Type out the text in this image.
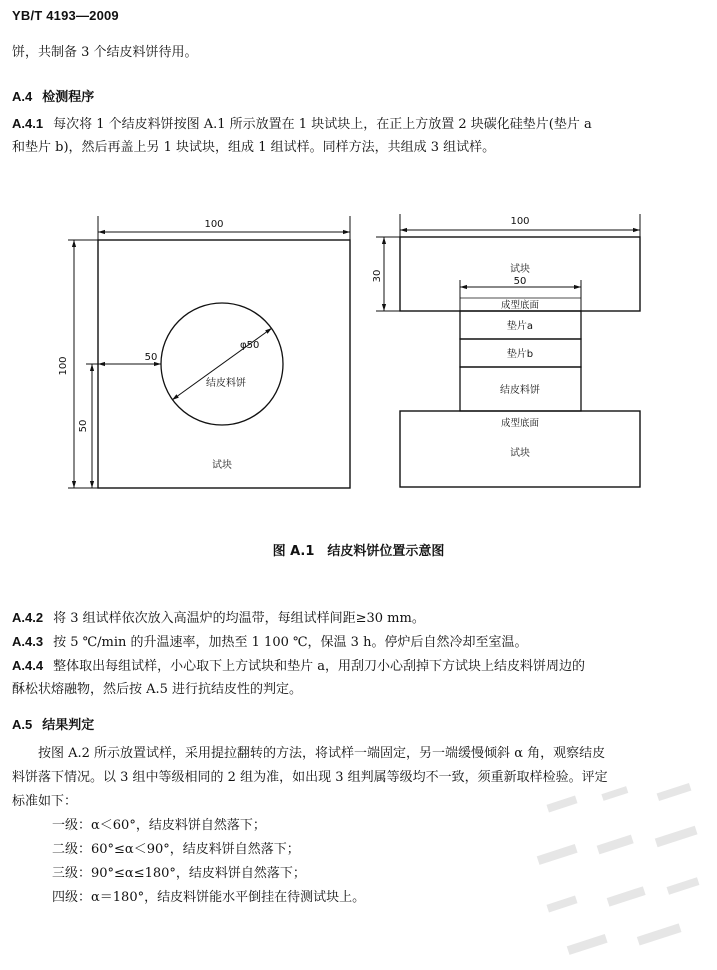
YB/T 4193—2009
饼，共制备 3 个结皮料饼待用。
A.4 检测程序
A.4.1 每次将 1 个结皮料饼按图 A.1 所示放置在 1 块试块上，在正上方放置 2 块碳化硅垫片(垫片 a
和垫片 b)，然后再盖上另 1 块试块，组成 1 组试样。同样方法，共组成 3 组试样。
100
100
50
50
φ50
结皮料饼
试块
100
30	50
试块
成型底面
垫片a
垫片b
结皮料饼
成型底面
试块
图 A.1　结皮料饼位置示意图
A.4.2 将 3 组试样依次放入高温炉的均温带，每组试样间距≥30 mm。
A.4.3 按 5 ℃/min 的升温速率，加热至 1 100 ℃，保温 3 h。停炉后自然冷却至室温。
A.4.4 整体取出每组试样，小心取下上方试块和垫片 a，用刮刀小心刮掉下方试块上结皮料饼周边的
酥松状熔融物，然后按 A.5 进行抗结皮性的判定。
A.5 结果判定
按图 A.2 所示放置试样，采用提拉翻转的方法，将试样一端固定，另一端缓慢倾斜 α 角，观察结皮
料饼落下情况。以 3 组中等级相同的 2 组为准，如出现 3 组判属等级均不一致，须重新取样检验。评定
标准如下：
一级：α＜60°，结皮料饼自然落下；
二级：60°≤α＜90°，结皮料饼自然落下；
三级：90°≤α≤180°，结皮料饼自然落下；
四级：α＝180°，结皮料饼能水平倒挂在待测试块上。
